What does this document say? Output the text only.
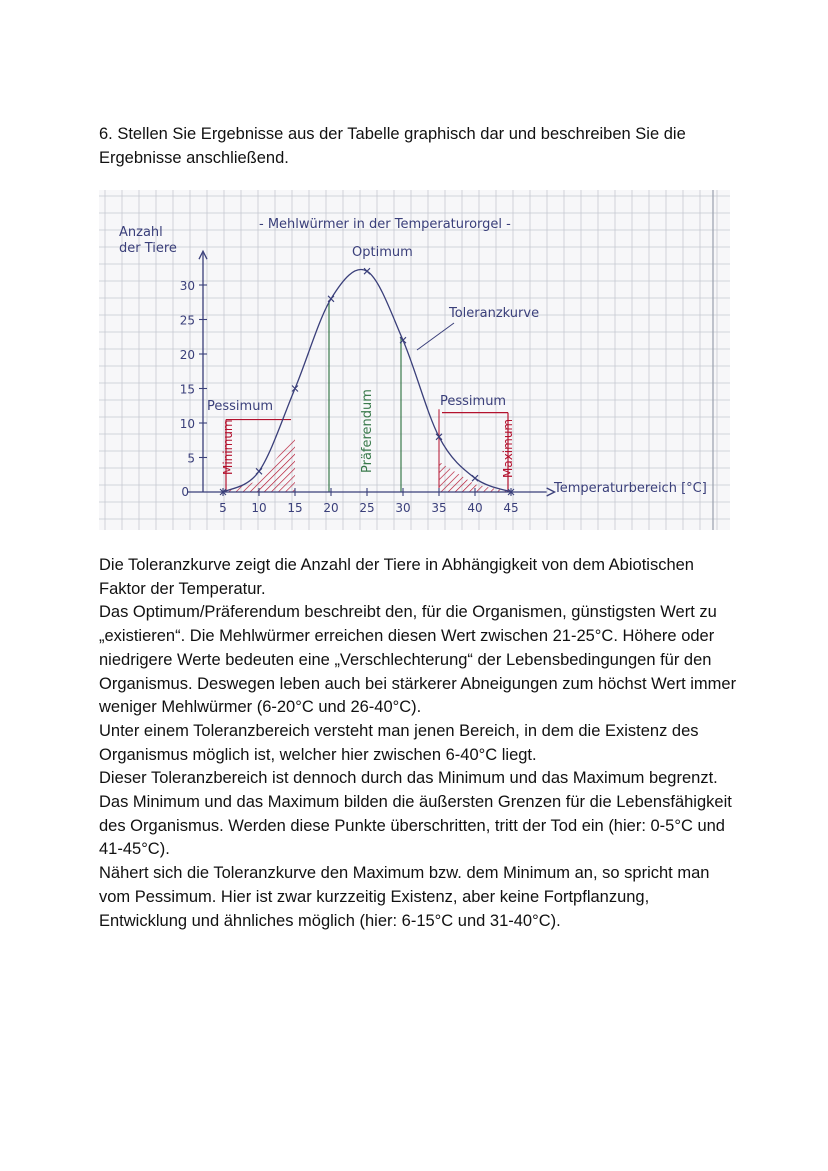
6. Stellen Sie Ergebnisse aus der Tabelle graphisch dar und beschreiben Sie die Ergebnisse anschließend.
5 10 15 20 25 30 35 40 45
0
5
10
15
20
25
30
- Mehlwürmer in der Temperaturorgel -
Anzahl
der Tiere
Temperaturbereich [°C]
Optimum
Toleranzkurve
Pessimum	Pessimum
Minimum	Maximum
Präferendum

Die Toleranzkurve zeigt die Anzahl der Tiere in Abhängigkeit von dem Abiotischen Faktor der Temperatur.

Das Optimum/Präferendum beschreibt den, für die Organismen, günstigsten Wert zu „existieren“. Die Mehlwürmer erreichen diesen Wert zwischen 21-25°C. Höhere oder niedrigere Werte bedeuten eine „Verschlechterung“ der Lebensbedingungen für den Organismus. Deswegen leben auch bei stärkerer Abneigungen zum höchst Wert immer weniger Mehlwürmer (6-20°C und 26-40°C).

Unter einem Toleranzbereich versteht man jenen Bereich, in dem die Existenz des Organismus möglich ist, welcher hier zwischen 6-40°C liegt.

Dieser Toleranzbereich ist dennoch durch das Minimum und das Maximum begrenzt. Das Minimum und das Maximum bilden die äußersten Grenzen für die Lebensfähigkeit des Organismus. Werden diese Punkte überschritten, tritt der Tod ein (hier: 0-5°C und 41-45°C).

Nähert sich die Toleranzkurve den Maximum bzw. dem Minimum an, so spricht man vom Pessimum. Hier ist zwar kurzzeitig Existenz, aber keine Fortpflanzung, Entwicklung und ähnliches möglich (hier: 6-15°C und 31-40°C).
